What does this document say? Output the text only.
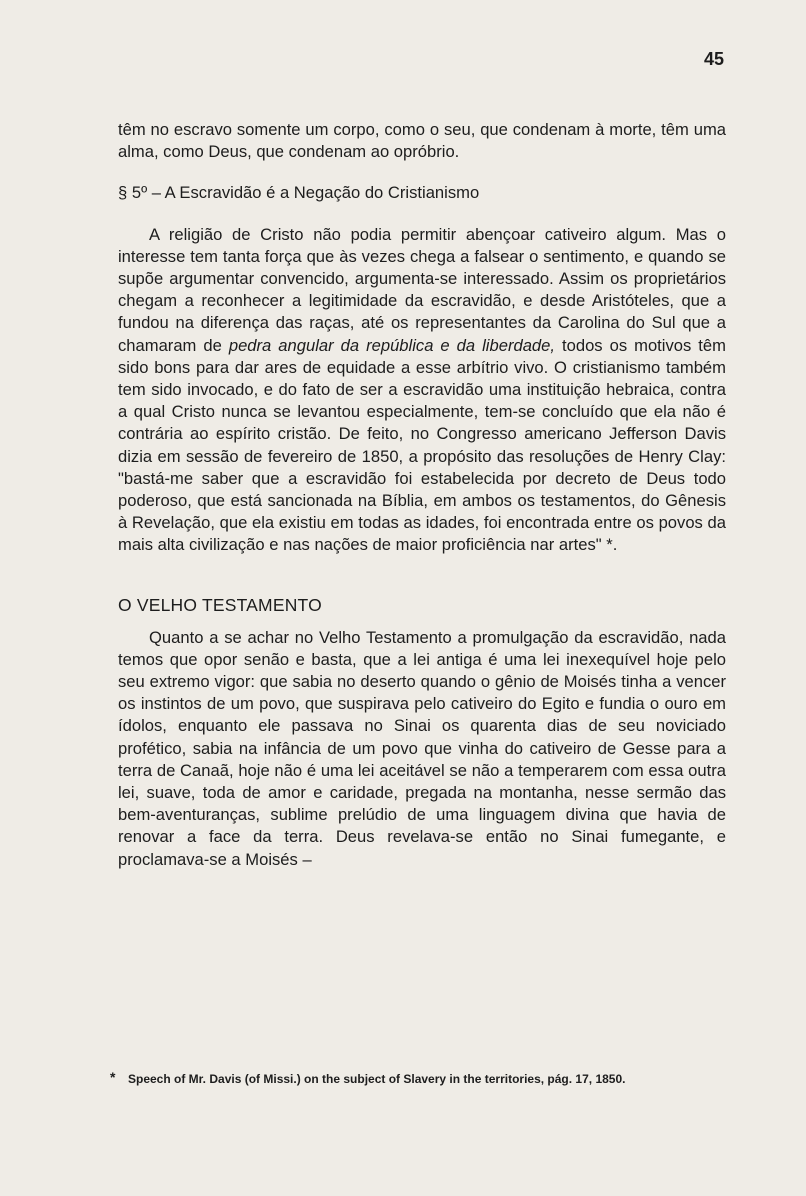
45

têm no escravo somente um corpo, como o seu, que condenam à morte, têm uma alma, como Deus, que condenam ao opróbrio.

§ 5º – A Escravidão é a Negação do Cristianismo

A religião de Cristo não podia permitir abençoar cativeiro algum. Mas o interesse tem tanta força que às vezes chega a falsear o sentimento, e quando se supõe argumentar convencido, argumenta-se interessado. Assim os proprietários chegam a reconhecer a legitimidade da escravidão, e desde Aristóteles, que a fundou na diferença das raças, até os representantes da Carolina do Sul que a chamaram de pedra angular da república e da liberdade, todos os motivos têm sido bons para dar ares de equidade a esse arbítrio vivo. O cristianismo também tem sido invocado, e do fato de ser a escravidão uma instituição hebraica, contra a qual Cristo nunca se levantou especialmente, tem-se concluído que ela não é contrária ao espírito cristão. De feito, no Congresso americano Jefferson Davis dizia em sessão de fevereiro de 1850, a propósito das resoluções de Henry Clay: "bastá-me saber que a escravidão foi estabelecida por decreto de Deus todo poderoso, que está sancionada na Bíblia, em ambos os testamentos, do Gênesis à Revelação, que ela existiu em todas as idades, foi encontrada entre os povos da mais alta civilização e nas nações de maior proficiência nar artes" *.

O VELHO TESTAMENTO

Quanto a se achar no Velho Testamento a promulgação da escravidão, nada temos que opor senão e basta, que a lei antiga é uma lei inexequível hoje pelo seu extremo vigor: que sabia no deserto quando o gênio de Moisés tinha a vencer os instintos de um povo, que suspirava pelo cativeiro do Egito e fundia o ouro em ídolos, enquanto ele passava no Sinai os quarenta dias de seu noviciado profético, sabia na infância de um povo que vinha do cativeiro de Gesse para a terra de Canaã, hoje não é uma lei aceitável se não a temperarem com essa outra lei, suave, toda de amor e caridade, pregada na montanha, nesse sermão das bem-aventuranças, sublime prelúdio de uma linguagem divina que havia de renovar a face da terra. Deus revelava-se então no Sinai fumegante, e proclamava-se a Moisés –

* Speech of Mr. Davis (of Missi.) on the subject of Slavery in the territories, pág. 17, 1850.
